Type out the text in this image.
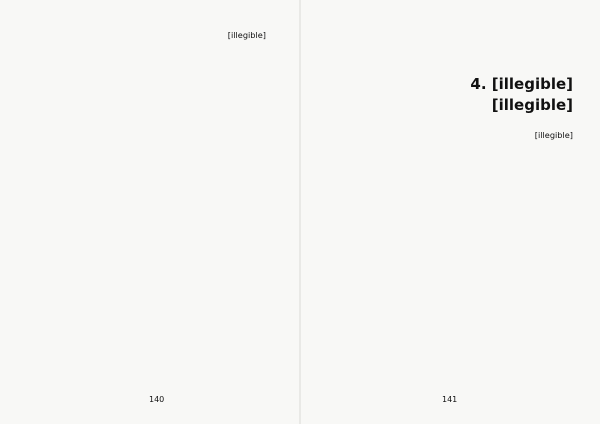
[illegible]

140
[illegible] .4
[illegible]

[illegible]

141
